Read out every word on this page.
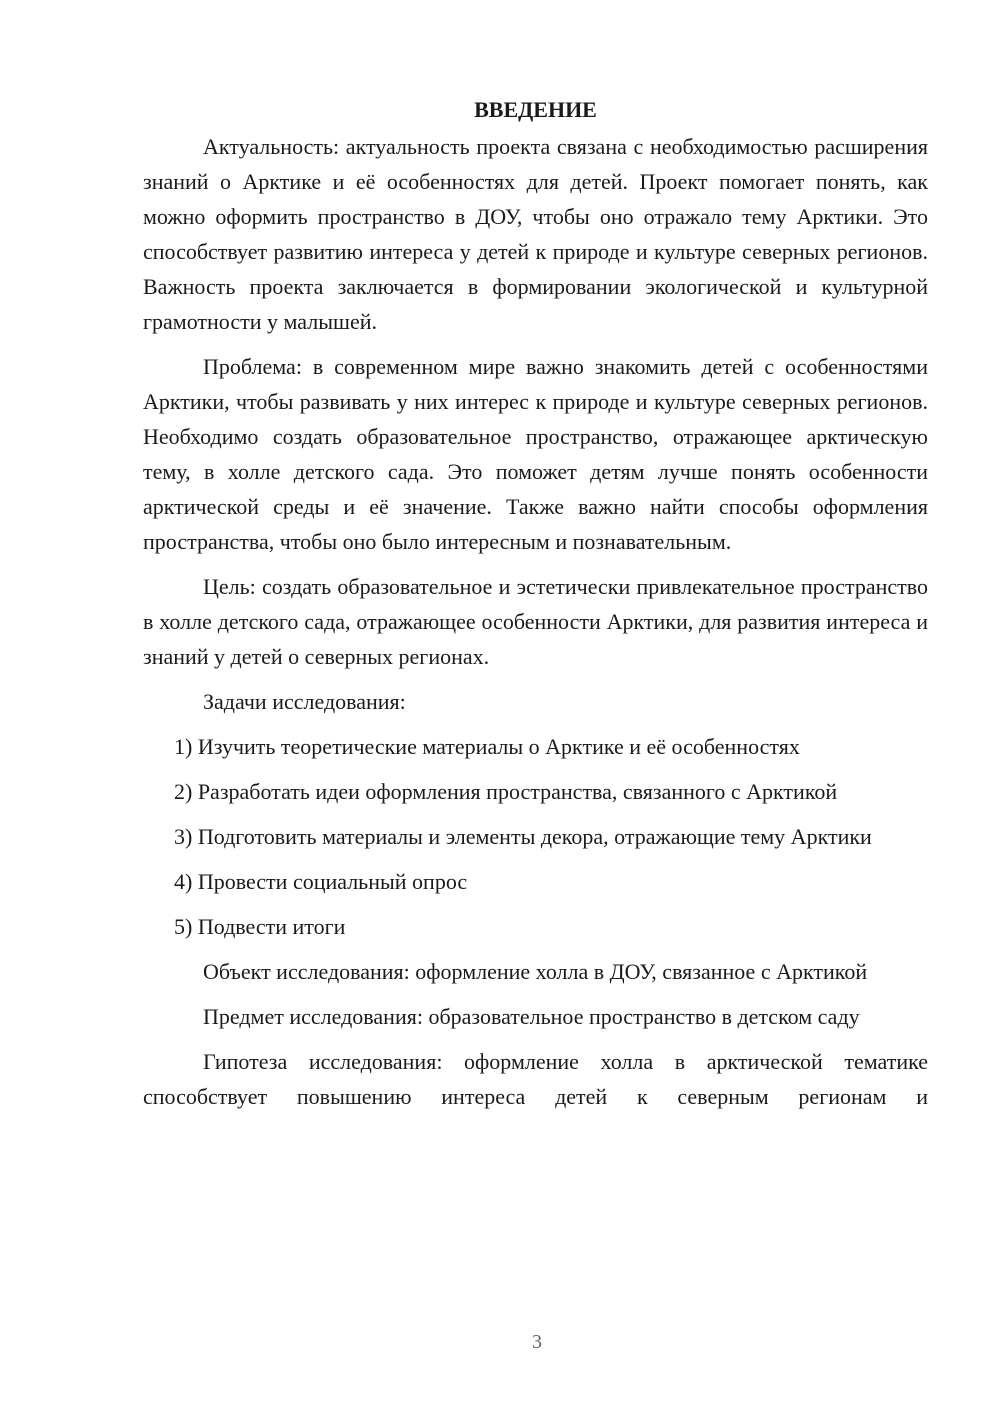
ВВЕДЕНИЕ

Актуальность: актуальность проекта связана с необходимостью расширения знаний о Арктике и её особенностях для детей. Проект помогает понять, как можно оформить пространство в ДОУ, чтобы оно отражало тему Арктики. Это способствует развитию интереса у детей к природе и культуре северных регионов. Важность проекта заключается в формировании экологической и культурной грамотности у малышей.

Проблема: в современном мире важно знакомить детей с особенностями Арктики, чтобы развивать у них интерес к природе и культуре северных регионов. Необходимо создать образовательное пространство, отражающее арктическую тему, в холле детского сада. Это поможет детям лучше понять особенности арктической среды и её значение. Также важно найти способы оформления пространства, чтобы оно было интересным и познавательным.

Цель: создать образовательное и эстетически привлекательное пространство в холле детского сада, отражающее особенности Арктики, для развития интереса и знаний у детей о северных регионах.

Задачи исследования:

1) Изучить теоретические материалы о Арктике и её особенностях

2) Разработать идеи оформления пространства, связанного с Арктикой

3) Подготовить материалы и элементы декора, отражающие тему Арктики

4) Провести социальный опрос

5) Подвести итоги

Объект исследования: оформление холла в ДОУ, связанное с Арктикой

Предмет исследования: образовательное пространство в детском саду

Гипотеза исследования: оформление холла в арктической тематике способствует повышению интереса детей к северным регионам и

3
